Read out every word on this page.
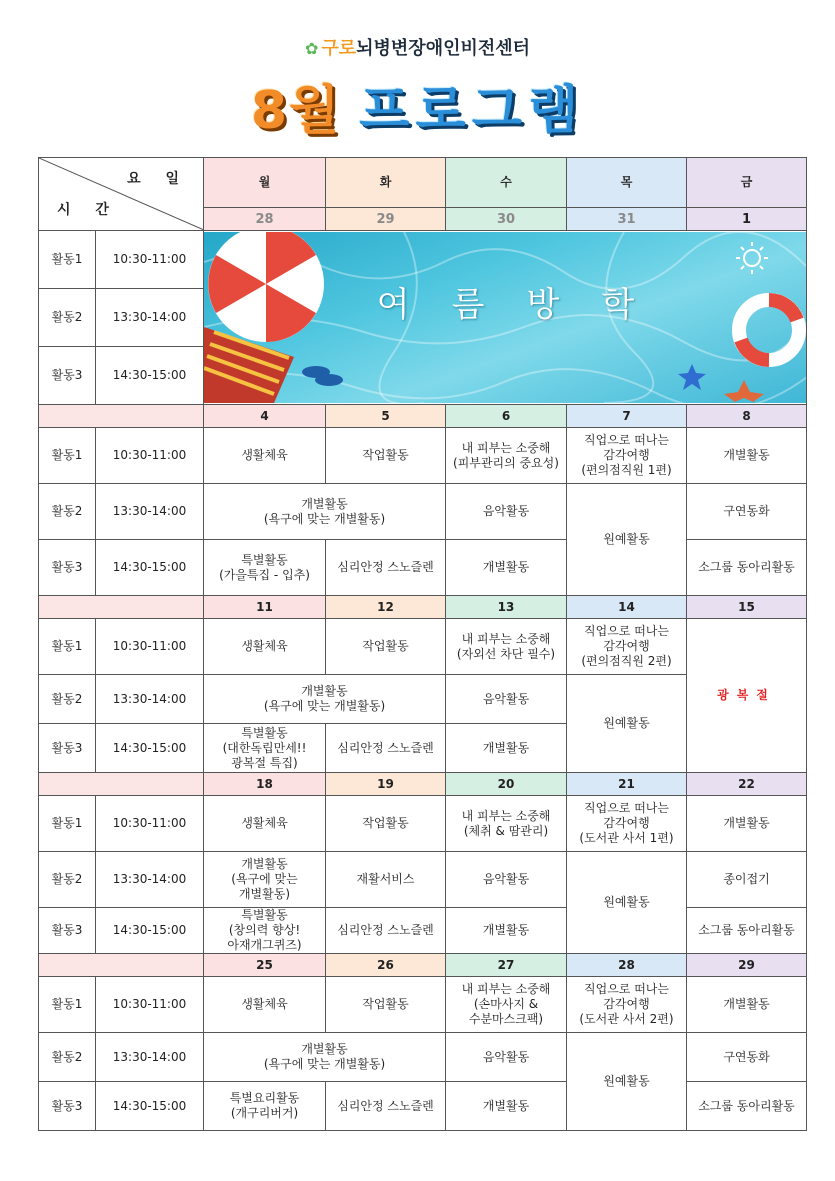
✿ 구로뇌병변장애인비전센터
8월 프로그램
요 일
시 간		월	화	수	목	금
		28	29	30	31	1
활동1	10:30-11:00	여름방학				

활동2	13:30-14:00					
활동3	14:30-15:00					
		4	5	6	7	8
활동1	10:30-11:00	생활체육	작업활동	내 피부는 소중해
(피부관리의 중요성)	직업으로 떠나는
감각여행
(편의점직원 1편)	개별활동
활동2	13:30-14:00	개별활동
(욕구에 맞는 개별활동)		음악활동	원예활동	구연동화
활동3	14:30-15:00	특별활동
(가을특집 - 입추)	심리안정 스노즐렌	개별활동		소그룹 동아리활동
		11	12	13	14	15
활동1	10:30-11:00	생활체육	작업활동	내 피부는 소중해
(자외선 차단 필수)	직업으로 떠나는
감각여행
(편의점직원 2편)	광복절
활동2	13:30-14:00	개별활동
(욕구에 맞는 개별활동)		음악활동	원예활동	
활동3	14:30-15:00	특별활동
(대한독립만세!!
광복절 특집)	심리안정 스노즐렌	개별활동		
		18	19	20	21	22
활동1	10:30-11:00	생활체육	작업활동	내 피부는 소중해
(체취 & 땀관리)	직업으로 떠나는
감각여행
(도서관 사서 1편)	개별활동
활동2	13:30-14:00	개별활동
(욕구에 맞는
개별활동)	재활서비스	음악활동	원예활동	종이접기
활동3	14:30-15:00	특별활동
(창의력 향상!
아재개그퀴즈)	심리안정 스노즐렌	개별활동		소그룹 동아리활동
		25	26	27	28	29
활동1	10:30-11:00	생활체육	작업활동	내 피부는 소중해
(손마사지 &
수분마스크팩)	직업으로 떠나는
감각여행
(도서관 사서 2편)	개별활동
활동2	13:30-14:00	개별활동
(욕구에 맞는 개별활동)		음악활동	원예활동	구연동화
활동3	14:30-15:00	특별요리활동
(개구리버거)	심리안정 스노즐렌	개별활동		소그룹 동아리활동
